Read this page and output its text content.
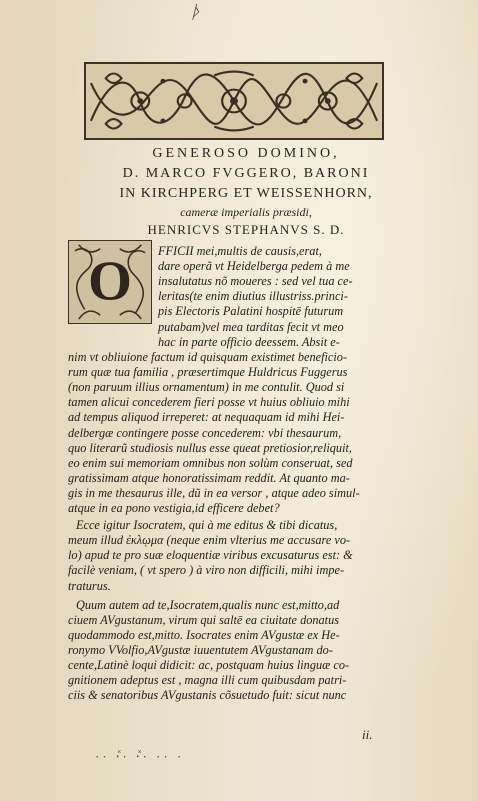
ᚦ
GENEROSO DOMINO,
D. MARCO FVGGERO, BARONI
IN KIRCHPERG ET WEISSENHORN,
cameræ imperialis præsidi,
HENRICVS STEPHANVS S. D.
O FFICII mei,multis de causis,erat,
dare operã vt Heidelberga pedem à me
insalutatus nõ moueres : sed vel tua ce-
leritas(te enim diutius illustriss.princi-
pis Electoris Palatini hospitē futurum
putabam)vel mea tarditas fecit vt meo
hac in parte officio deessem. Absit e-
nim vt obliuione factum id quisquam existimet beneficio-
rum quæ tua familia , præsertimque Huldricus Fuggerus
(non paruum illius ornamentum) in me contulit. Quod si
tamen alicui concederem fieri posse vt huius obliuio mihi
ad tempus aliquod irreperet: at nequaquam id mihi Hei-
delbergæ contingere posse concederem: vbi thesaurum,
quo literarũ studiosis nullus esse queat pretiosior,reliquit,
eo enim sui memoriam omnibus non solùm conseruat, sed
gratissimam atque honoratissimam reddit. At quanto ma-
gis in me thesaurus ille, dũ in ea versor , atque adeo simul-
atque in ea pono vestigia,id efficere debet?
Ecce igitur Isocratem, qui à me editus & tibi dicatus,
meum illud ἐκλῳμα (neque enim vlterius me accusare vo-
lo) apud te pro suæ eloquentiæ viribus excusaturus est: &
facilè veniam, ( vt spero ) à viro non difficili, mihi impe-
traturus.
Quum autem ad te,Isocratem,qualis nunc est,mitto,ad
ciuem AVgustanum, virum qui saltē ea ciuitate donatus
quodammodo est,mitto. Isocrates enim AVgustæ ex He-
ronymo VVolfio,AVgustæ iuuentutem AVgustanam do-
cente,Latinè loqui didicit: ac, postquam huius linguæ co-
gnitionem adeptus est , magna illi cum quibusdam patri-
ciis & senatoribus AVgustanis cõsuetudo fuit: sicut nunc
ii.
·· ·ⷦ· ·ⷯ· ·· ·
